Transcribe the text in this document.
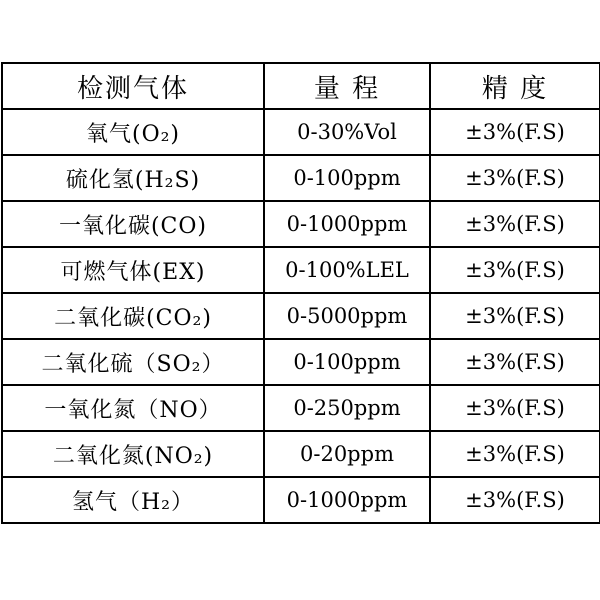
检测气体	量 程	精 度	
氧气(O₂)	0-30%Vol	±3%(F.S)	
硫化氢(H₂S)	0-100ppm	±3%(F.S)	
一氧化碳(CO)	0-1000ppm	±3%(F.S)	
可燃气体(EX)	0-100%LEL	±3%(F.S)	
二氧化碳(CO₂)	0-5000ppm	±3%(F.S)	
二氧化硫（SO₂）	0-100ppm	±3%(F.S)	
一氧化氮（NO）	0-250ppm	±3%(F.S)	
二氧化氮(NO₂)	0-20ppm	±3%(F.S)	
氢气（H₂）	0-1000ppm	±3%(F.S)	
